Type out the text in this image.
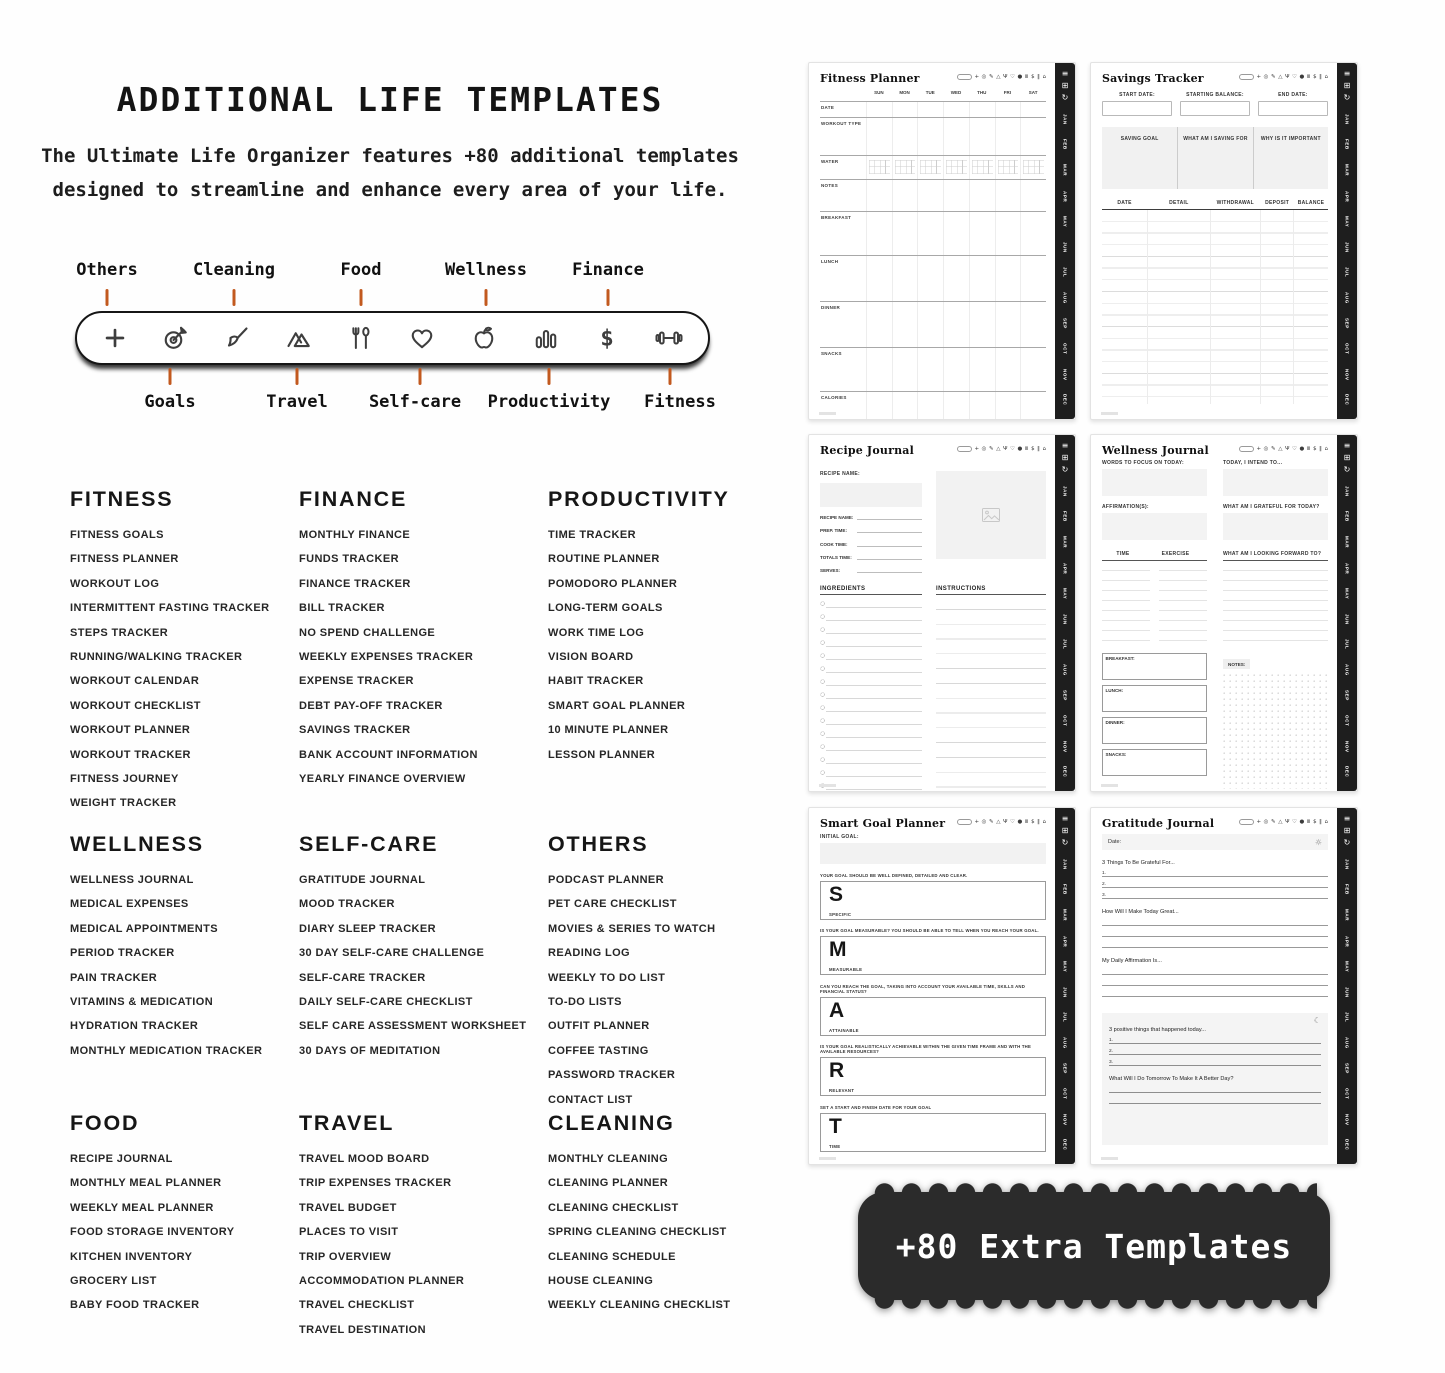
ADDITIONAL LIFE TEMPLATES
The Ultimate Life Organizer features +80 additional templates
designed to streamline and enhance every area of your life.
Others	Cleaning	Food	Wellness	Finance
$
Goals	Travel Self-care Productivity Fitness
FITNESS
FITNESS GOALS
FITNESS PLANNER
WORKOUT LOG
INTERMITTENT FASTING TRACKER
STEPS TRACKER
RUNNING/WALKING TRACKER
WORKOUT CALENDAR
WORKOUT CHECKLIST
WORKOUT PLANNER
WORKOUT TRACKER
FITNESS JOURNEY
WEIGHT TRACKER
FINANCE
MONTHLY FINANCE
FUNDS TRACKER
FINANCE TRACKER
BILL TRACKER
NO SPEND CHALLENGE
WEEKLY EXPENSES TRACKER
EXPENSE TRACKER
DEBT PAY-OFF TRACKER
SAVINGS TRACKER
BANK ACCOUNT INFORMATION
YEARLY FINANCE OVERVIEW
PRODUCTIVITY
TIME TRACKER
ROUTINE PLANNER
POMODORO PLANNER
LONG-TERM GOALS
WORK TIME LOG
VISION BOARD
HABIT TRACKER
SMART GOAL PLANNER
10 MINUTE PLANNER
LESSON PLANNER
WELLNESS
WELLNESS JOURNAL
MEDICAL EXPENSES
MEDICAL APPOINTMENTS
PERIOD TRACKER
PAIN TRACKER
VITAMINS & MEDICATION
HYDRATION TRACKER
MONTHLY MEDICATION TRACKER
SELF-CARE
GRATITUDE JOURNAL
MOOD TRACKER
DIARY SLEEP TRACKER
30 DAY SELF-CARE CHALLENGE
SELF-CARE TRACKER
DAILY SELF-CARE CHECKLIST
SELF CARE ASSESSMENT WORKSHEET
30 DAYS OF MEDITATION
OTHERS
PODCAST PLANNER
PET CARE CHECKLIST
MOVIES & SERIES TO WATCH
READING LOG
WEEKLY TO DO LIST
TO-DO LISTS
OUTFIT PLANNER
COFFEE TASTING
PASSWORD TRACKER
CONTACT LIST
FOOD
RECIPE JOURNAL
MONTHLY MEAL PLANNER
WEEKLY MEAL PLANNER
FOOD STORAGE INVENTORY
KITCHEN INVENTORY
GROCERY LIST
BABY FOOD TRACKER
TRAVEL
TRAVEL MOOD BOARD
TRIP EXPENSES TRACKER
TRAVEL BUDGET
PLACES TO VISIT
TRIP OVERVIEW
ACCOMMODATION PLANNER
TRAVEL CHECKLIST
TRAVEL DESTINATION
CLEANING
MONTHLY CLEANING
CLEANING PLANNER
CLEANING CHECKLIST
SPRING CLEANING CHECKLIST
CLEANING SCHEDULE
HOUSE CLEANING
WEEKLY CLEANING CHECKLIST
Fitness Planner	+ ◎ ✎ △ Ψ ♡ ● ⅲ $ ‖ ⌂
SUN	MON	TUE	WED	THU	FRI	SAT
DATE
WORKOUT TYPE
WATER
NOTES
BREAKFAST
LUNCH
DINNER
SNACKS
CALORIES
≡
⊞
↻
JAN
FEB
MAR
APR
MAY
JUN
JUL
AUG
SEP
OCT
NOV
DEC
Savings Tracker	+ ◎ ✎ △ Ψ ♡ ● ⅲ $ ‖ ⌂
START DATE:	STARTING BALANCE:	END DATE:
SAVING GOAL	WHAT AM I SAVING FOR	WHY IS IT IMPORTANT
DATE	DETAIL	WITHDRAWAL	DEPOSIT	BALANCE
≡
⊞
↻
JAN
FEB
MAR
APR
MAY
JUN
JUL
AUG
SEP
OCT
NOV
DEC
Recipe Journal	+ ◎ ✎ △ Ψ ♡ ● ⅲ $ ‖ ⌂
RECIPE NAME:
RECIPE NAME:
PREP. TIME:
COOK TIME:
TOTALS TIME:
SERVES:
INGREDIENTS	INSTRUCTIONS
≡
⊞
↻
JAN
FEB
MAR
APR
MAY
JUN
JUL
AUG
SEP
OCT
NOV
DEC
Wellness Journal	+ ◎ ✎ △ Ψ ♡ ● ⅲ $ ‖ ⌂
WORDS TO FOCUS ON TODAY:	TODAY, I INTEND TO...
AFFIRMATION(S):	WHAT AM I GRATEFUL FOR TODAY?
TIME	EXERCISE	WHAT AM I LOOKING FORWARD TO?
BREAKFAST:
LUNCH:
DINNER:
SNACKS:
NOTES:
≡
⊞
↻
JAN
FEB
MAR
APR
MAY
JUN
JUL
AUG
SEP
OCT
NOV
DEC
Smart Goal Planner	+ ◎ ✎ △ Ψ ♡ ● ⅲ $ ‖ ⌂
INITIAL GOAL:
YOUR GOAL SHOULD BE WELL DEFINED, DETAILED AND CLEAR.
S
SPECIFIC
IS YOUR GOAL MEASURABLE? YOU SHOULD BE ABLE TO TELL WHEN YOU REACH YOUR GOAL.
M
MEASURABLE
CAN YOU REACH THE GOAL, TAKING INTO ACCOUNT YOUR AVAILABLE TIME, SKILLS AND FINANCIAL STATUS?
A
ATTAINABLE
IS YOUR GOAL REALISTICALLY ACHIEVABLE WITHIN THE GIVEN TIME FRAME AND WITH THE AVAILABLE RESOURCES?
R
RELEVANT
SET A START AND FINISH DATE FOR YOUR GOAL
T
TIME
≡
⊞
↻
JAN
FEB
MAR
APR
MAY
JUN
JUL
AUG
SEP
OCT
NOV
DEC
Gratitude Journal	+ ◎ ✎ △ Ψ ♡ ● ⅲ $ ‖ ⌂
Date:	☼
3 Things To Be Grateful For...
1.
2.
3.
How Will I Make Today Great...
My Daily Affirmation Is...
☾
3 positive things that happened today...
1.
2.
3.
What Will I Do Tomorrow To Make It A Better Day?
≡
⊞
↻
JAN
FEB
MAR
APR
MAY
JUN
JUL
AUG
SEP
OCT
NOV
DEC
+80 Extra Templates
